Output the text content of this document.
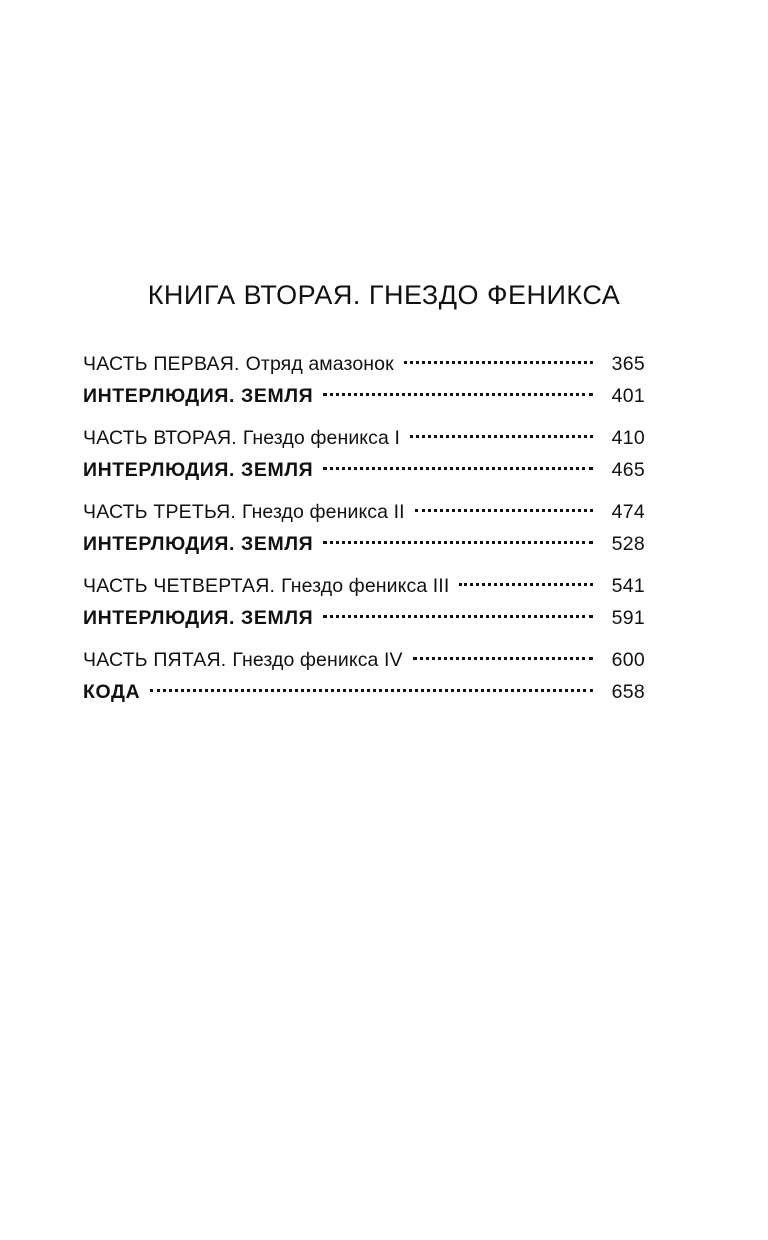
КНИГА ВТОРАЯ. ГНЕЗДО ФЕНИКСА
ЧАСТЬ ПЕРВАЯ. Отряд амазонок	365
ИНТЕРЛЮДИЯ. ЗЕМЛЯ	401
ЧАСТЬ ВТОРАЯ. Гнездо феникса I	410
ИНТЕРЛЮДИЯ. ЗЕМЛЯ	465
ЧАСТЬ ТРЕТЬЯ. Гнездо феникса II	474
ИНТЕРЛЮДИЯ. ЗЕМЛЯ	528
ЧАСТЬ ЧЕТВЕРТАЯ. Гнездо феникса III	541
ИНТЕРЛЮДИЯ. ЗЕМЛЯ	591
ЧАСТЬ ПЯТАЯ. Гнездо феникса IV	600
КОДА	658
